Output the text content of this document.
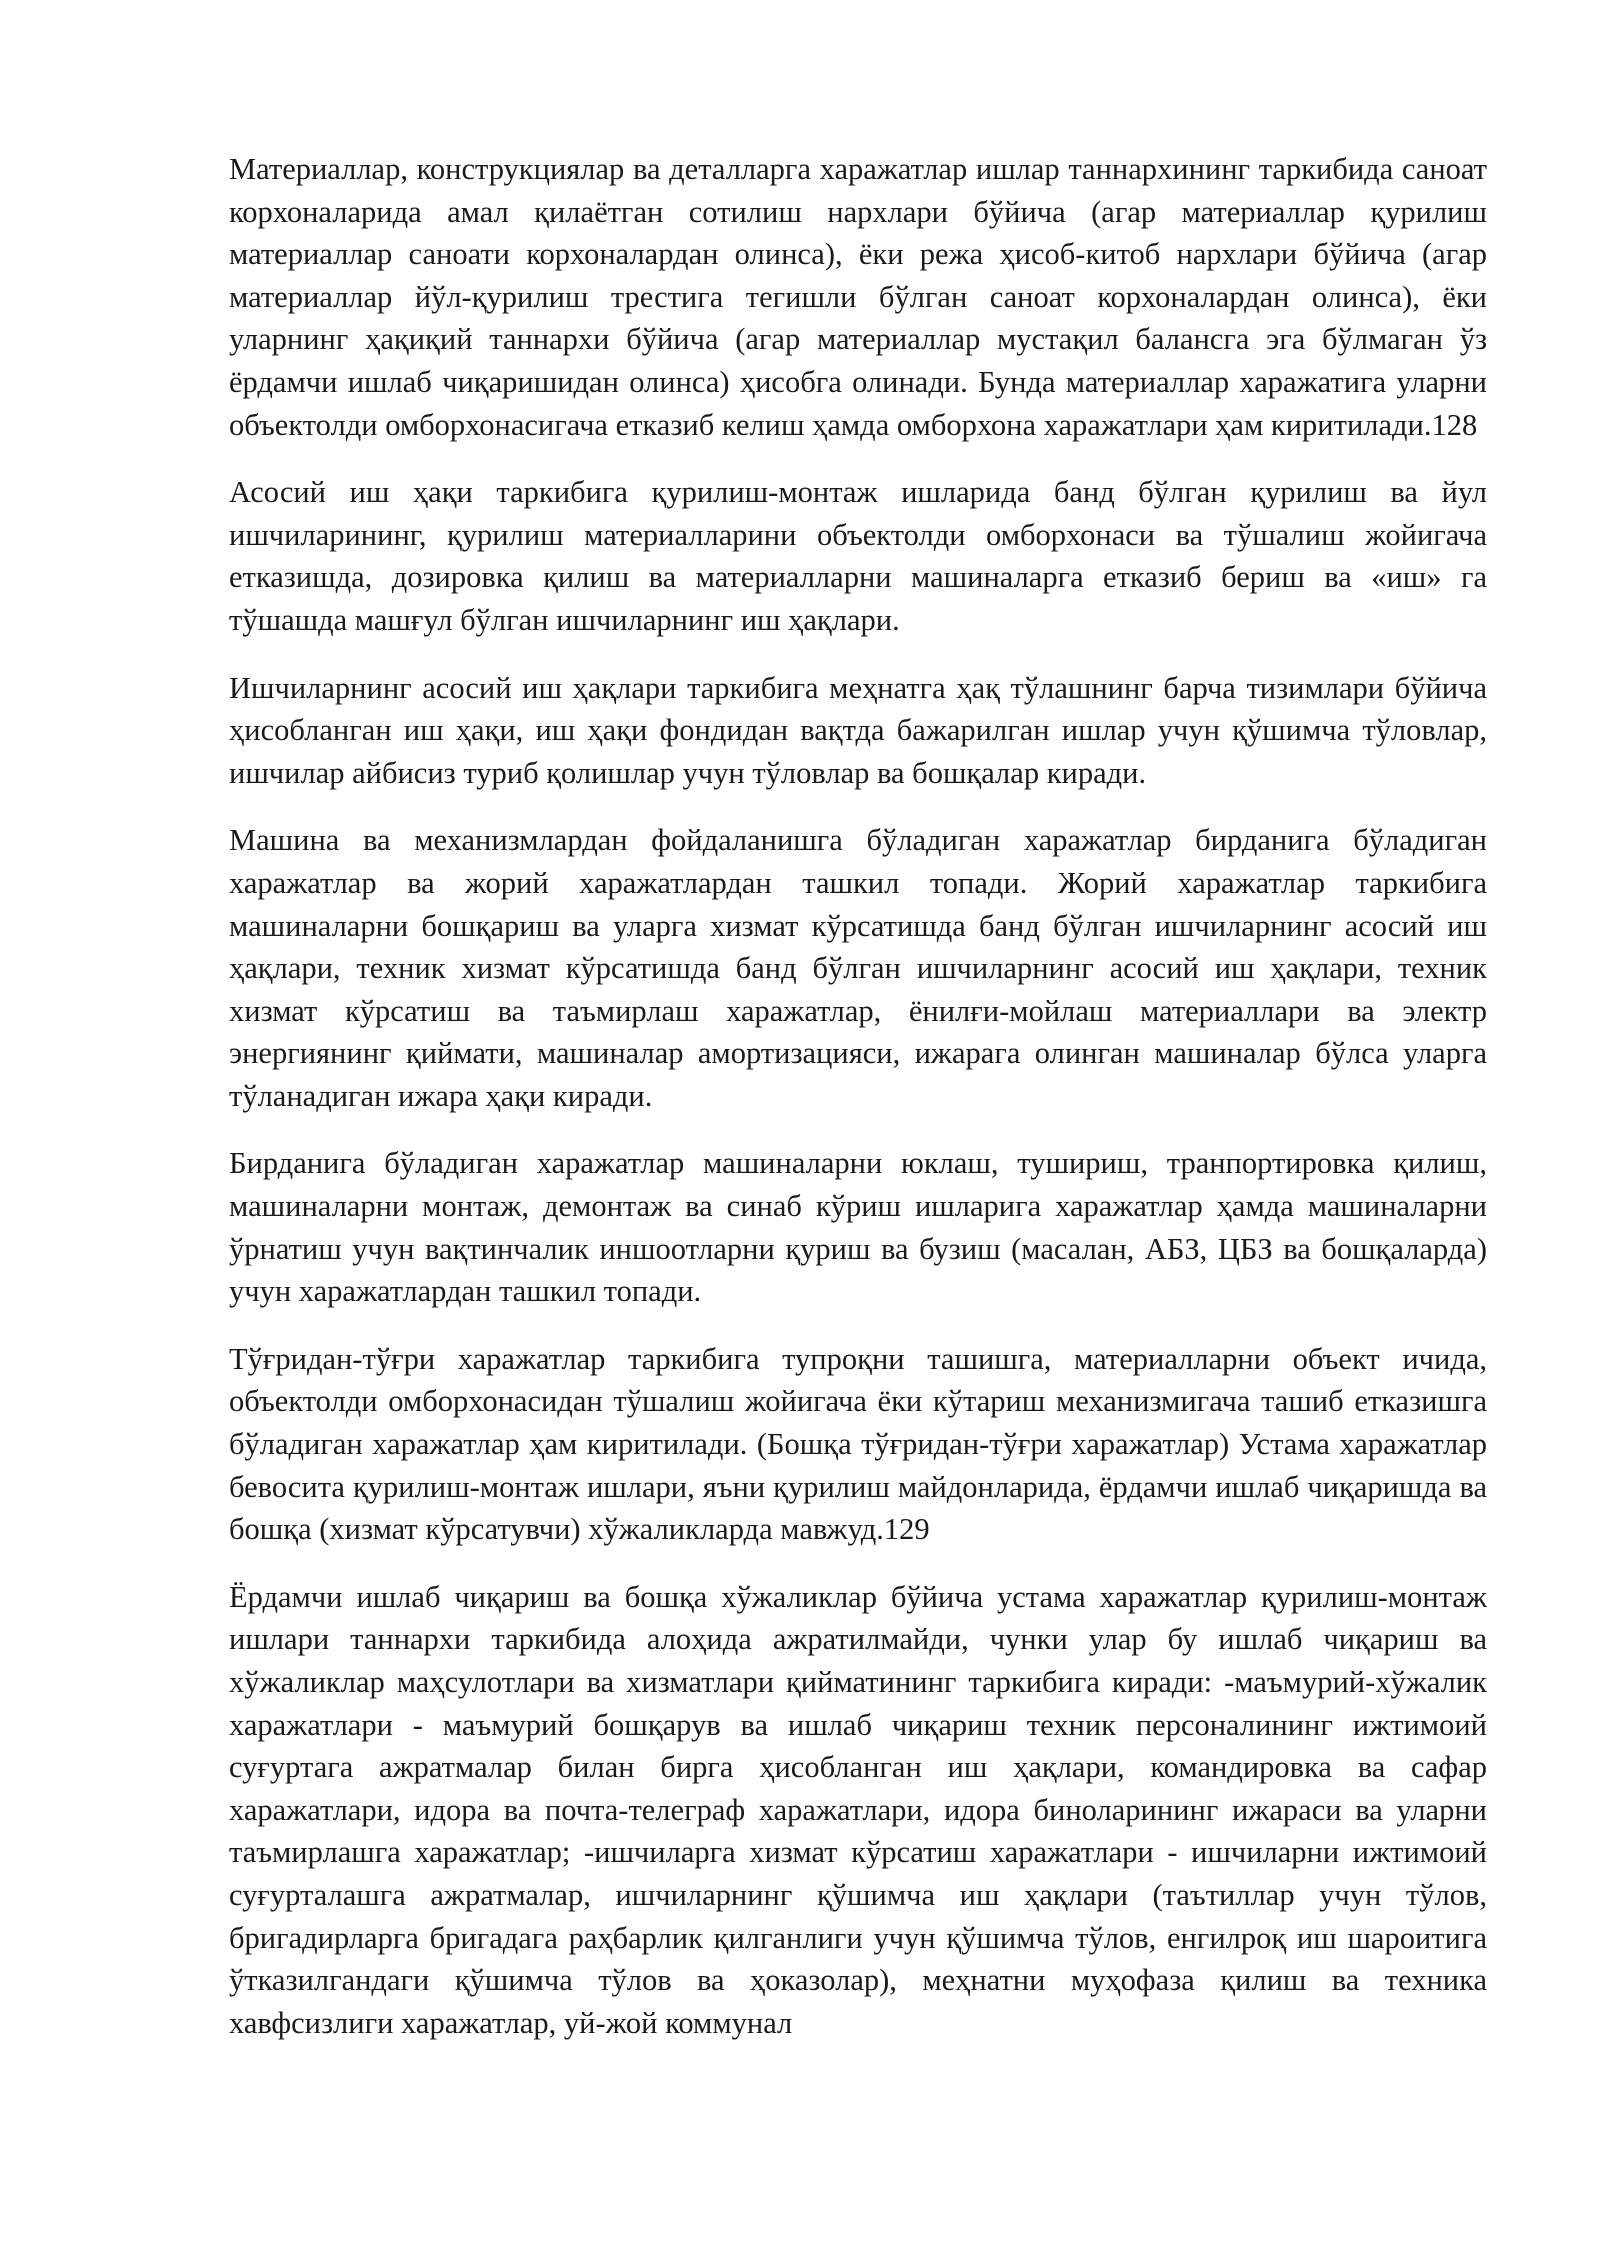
Материаллар, конструкциялар ва деталларга харажатлар ишлар таннархининг таркибида саноат корхоналарида амал қилаётган сотилиш нархлари бўйича (агар материаллар қурилиш материаллар саноати корхоналардан олинса), ёки режа ҳисоб-китоб нархлари бўйича (агар материаллар йўл-қурилиш трестига тегишли бўлган саноат корхоналардан олинса), ёки уларнинг ҳақиқий таннархи бўйича (агар материаллар мустақил балансга эга бўлмаган ўз ёрдамчи ишлаб чиқаришидан олинса) ҳисобга олинади. Бунда материаллар харажатига уларни объектолди омборхонасигача етказиб келиш ҳамда омборхона харажатлари ҳам киритилади.128

Асосий иш ҳақи таркибига қурилиш-монтаж ишларида банд бўлган қурилиш ва йул ишчиларининг, қурилиш материалларини объектолди омборхонаси ва тўшалиш жойигача етказишда, дозировка қилиш ва материалларни машиналарга етказиб бериш ва «иш» га тўшашда машғул бўлган ишчиларнинг иш ҳақлари.

Ишчиларнинг асосий иш ҳақлари таркибига меҳнатга ҳақ тўлашнинг барча тизимлари бўйича ҳисобланган иш ҳақи, иш ҳақи фондидан вақтда бажарилган ишлар учун қўшимча тўловлар, ишчилар айбисиз туриб қолишлар учун тўловлар ва бошқалар киради.

Машина ва механизмлардан фойдаланишга бўладиган харажатлар бирданига бўладиган харажатлар ва жорий харажатлардан ташкил топади. Жорий харажатлар таркибига машиналарни бошқариш ва уларга хизмат кўрсатишда банд бўлган ишчиларнинг асосий иш ҳақлари, техник хизмат кўрсатишда банд бўлган ишчиларнинг асосий иш ҳақлари, техник хизмат кўрсатиш ва таъмирлаш харажатлар, ёнилғи-мойлаш материаллари ва электр энергиянинг қиймати, машиналар амортизацияси, ижарага олинган машиналар бўлса уларга тўланадиган ижара ҳақи киради.

Бирданига бўладиган харажатлар машиналарни юклаш, тушириш, транпортировка қилиш, машиналарни монтаж, демонтаж ва синаб кўриш ишларига харажатлар ҳамда машиналарни ўрнатиш учун вақтинчалик иншоотларни қуриш ва бузиш (масалан, АБЗ, ЦБЗ ва бошқаларда) учун харажатлардан ташкил топади.

Тўғридан-тўғри харажатлар таркибига тупроқни ташишга, материалларни объект ичида, объектолди омборхонасидан тўшалиш жойигача ёки кўтариш механизмигача ташиб етказишга бўладиган харажатлар ҳам киритилади. (Бошқа тўғридан-тўғри харажатлар) Устама харажатлар бевосита қурилиш-монтаж ишлари, яъни қурилиш майдонларида, ёрдамчи ишлаб чиқаришда ва бошқа (хизмат кўрсатувчи) хўжаликларда мавжуд.129

Ёрдамчи ишлаб чиқариш ва бошқа хўжаликлар бўйича устама харажатлар қурилиш-монтаж ишлари таннархи таркибида алоҳида ажратилмайди, чунки улар бу ишлаб чиқариш ва хўжаликлар маҳсулотлари ва хизматлари қийматининг таркибига киради: -маъмурий-хўжалик харажатлари - маъмурий бошқарув ва ишлаб чиқариш техник персоналининг ижтимоий суғуртага ажратмалар билан бирга ҳисобланган иш ҳақлари, командировка ва сафар харажатлари, идора ва почта-телеграф харажатлари, идора биноларининг ижараси ва уларни таъмирлашга харажатлар; -ишчиларга хизмат кўрсатиш харажатлари - ишчиларни ижтимоий суғурталашга ажратмалар, ишчиларнинг қўшимча иш ҳақлари (таътиллар учун тўлов, бригадирларга бригадага раҳбарлик қилганлиги учун қўшимча тўлов, енгилроқ иш шароитига ўтказилгандаги қўшимча тўлов ва ҳоказолар), меҳнатни муҳофаза қилиш ва техника хавфсизлиги харажатлар, уй-жой коммунал
